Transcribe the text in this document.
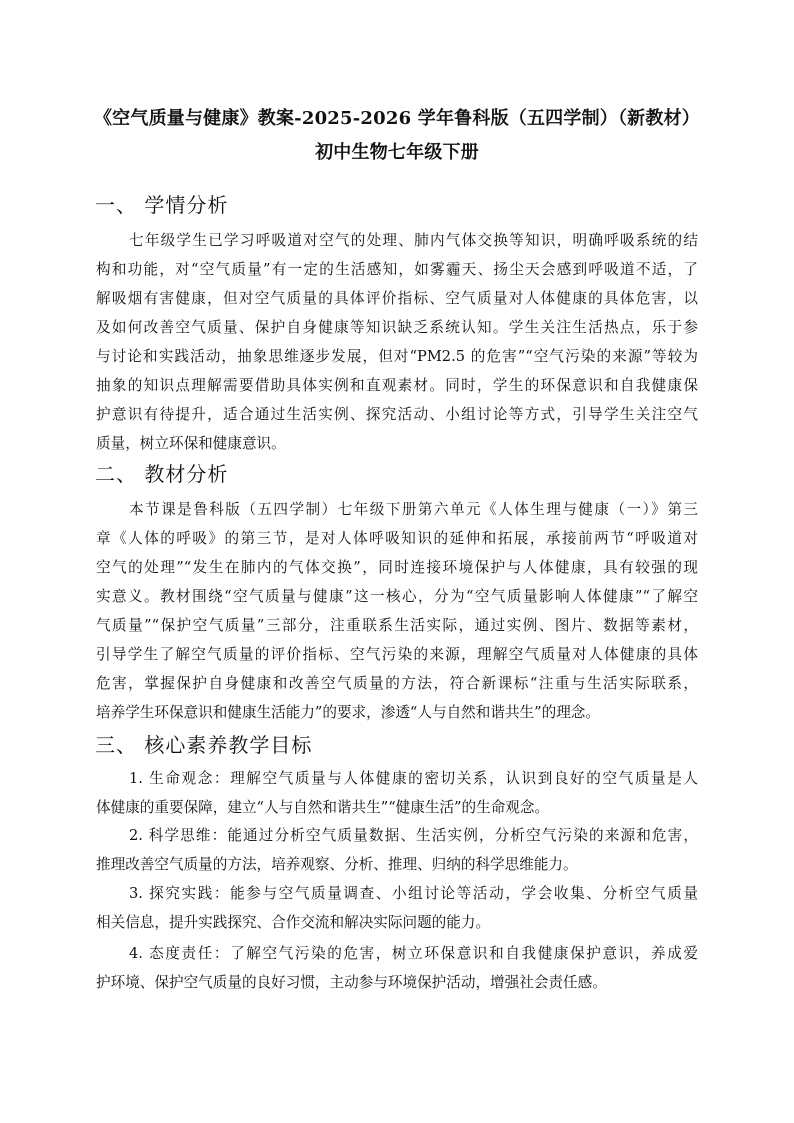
《空气质量与健康》教案-2025-2026 学年鲁科版（五四学制）（新教材）
初中生物七年级下册
一、 学情分析
七年级学生已学习呼吸道对空气的处理、肺内气体交换等知识，明确呼吸系统的结
构和功能，对“空气质量”有一定的生活感知，如雾霾天、扬尘天会感到呼吸道不适，了
解吸烟有害健康，但对空气质量的具体评价指标、空气质量对人体健康的具体危害，以
及如何改善空气质量、保护自身健康等知识缺乏系统认知。学生关注生活热点，乐于参
与讨论和实践活动，抽象思维逐步发展，但对“PM2.5 的危害”“空气污染的来源”等较为
抽象的知识点理解需要借助具体实例和直观素材。同时，学生的环保意识和自我健康保
护意识有待提升，适合通过生活实例、探究活动、小组讨论等方式，引导学生关注空气
质量，树立环保和健康意识。
二、 教材分析
本节课是鲁科版（五四学制）七年级下册第六单元《人体生理与健康（一）》第三
章《人体的呼吸》的第三节，是对人体呼吸知识的延伸和拓展，承接前两节“呼吸道对
空气的处理”“发生在肺内的气体交换”，同时连接环境保护与人体健康，具有较强的现
实意义。教材围绕“空气质量与健康”这一核心，分为“空气质量影响人体健康”“了解空
气质量”“保护空气质量”三部分，注重联系生活实际，通过实例、图片、数据等素材，
引导学生了解空气质量的评价指标、空气污染的来源，理解空气质量对人体健康的具体
危害，掌握保护自身健康和改善空气质量的方法，符合新课标“注重与生活实际联系，
培养学生环保意识和健康生活能力”的要求，渗透“人与自然和谐共生”的理念。
三、 核心素养教学目标
1. 生命观念：理解空气质量与人体健康的密切关系，认识到良好的空气质量是人
体健康的重要保障，建立“人与自然和谐共生”“健康生活”的生命观念。
2. 科学思维：能通过分析空气质量数据、生活实例，分析空气污染的来源和危害，
推理改善空气质量的方法，培养观察、分析、推理、归纳的科学思维能力。
3. 探究实践：能参与空气质量调查、小组讨论等活动，学会收集、分析空气质量
相关信息，提升实践探究、合作交流和解决实际问题的能力。
4. 态度责任：了解空气污染的危害，树立环保意识和自我健康保护意识，养成爱
护环境、保护空气质量的良好习惯，主动参与环境保护活动，增强社会责任感。
